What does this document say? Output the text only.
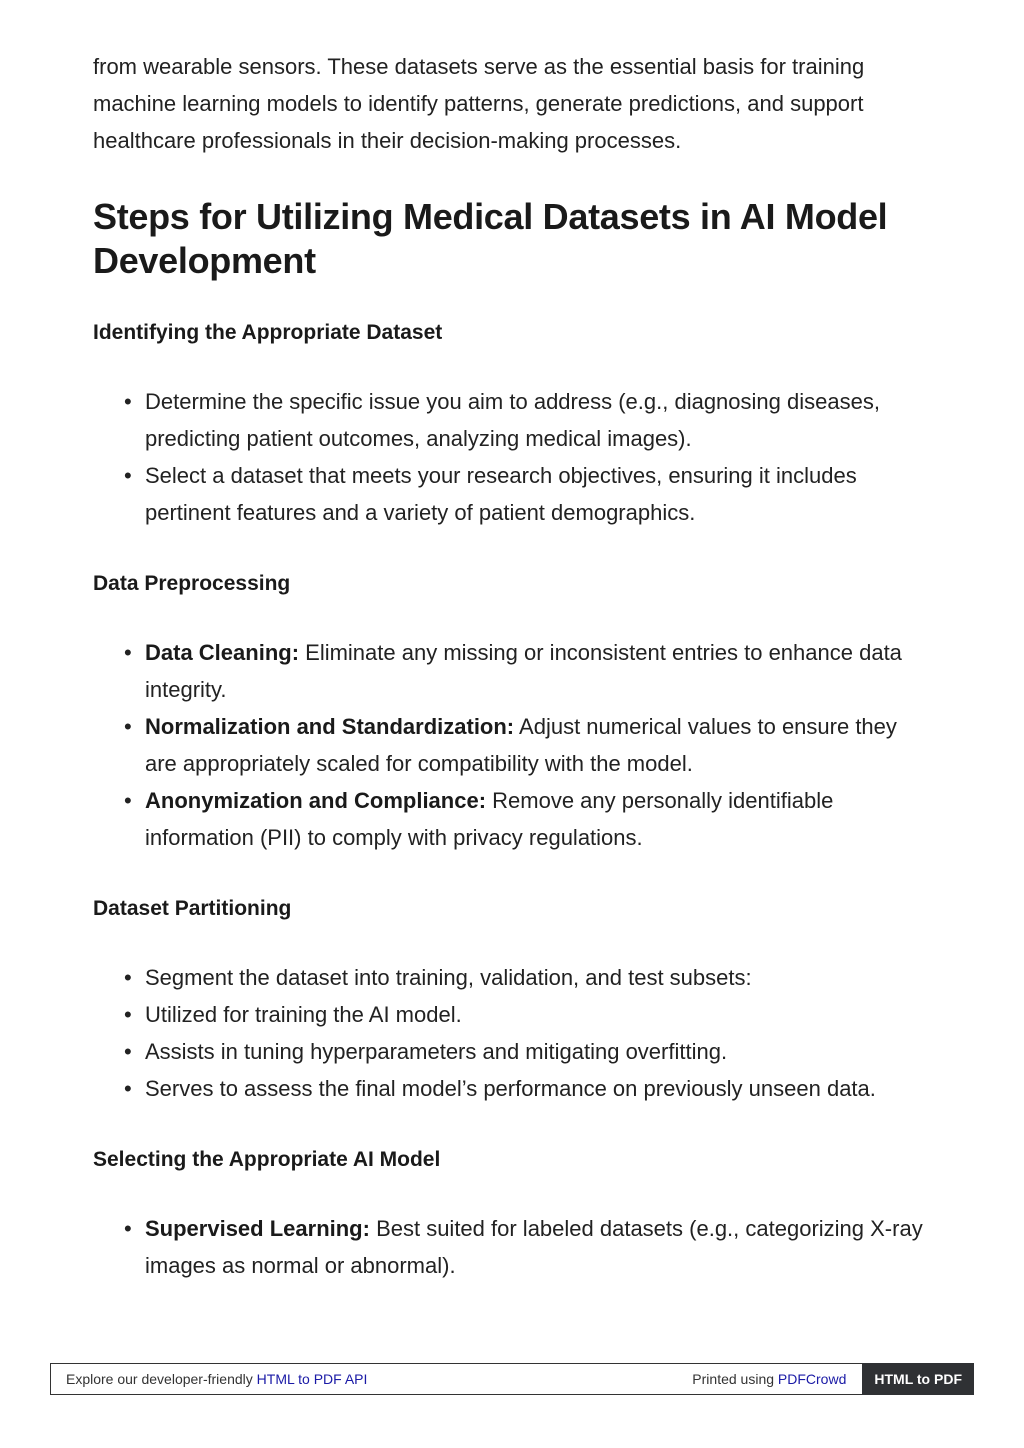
from wearable sensors. These datasets serve as the essential basis for training machine learning models to identify patterns, generate predictions, and support healthcare professionals in their decision-making processes.

Steps for Utilizing Medical Datasets in AI Model Development
Identifying the Appropriate Dataset
• Determine the specific issue you aim to address (e.g., diagnosing diseases, predicting patient outcomes, analyzing medical images).
• Select a dataset that meets your research objectives, ensuring it includes pertinent features and a variety of patient demographics.
Data Preprocessing
• Data Cleaning: Eliminate any missing or inconsistent entries to enhance data integrity.
• Normalization and Standardization: Adjust numerical values to ensure they are appropriately scaled for compatibility with the model.
• Anonymization and Compliance: Remove any personally identifiable information (PII) to comply with privacy regulations.
Dataset Partitioning
• Segment the dataset into training, validation, and test subsets:
• Utilized for training the AI model.
• Assists in tuning hyperparameters and mitigating overfitting.
• Serves to assess the final model’s performance on previously unseen data.
Selecting the Appropriate AI Model
• Supervised Learning: Best suited for labeled datasets (e.g., categorizing X-ray images as normal or abnormal).
Explore our developer-friendly HTML to PDF API	Printed using PDFCrowd	HTML to PDF
